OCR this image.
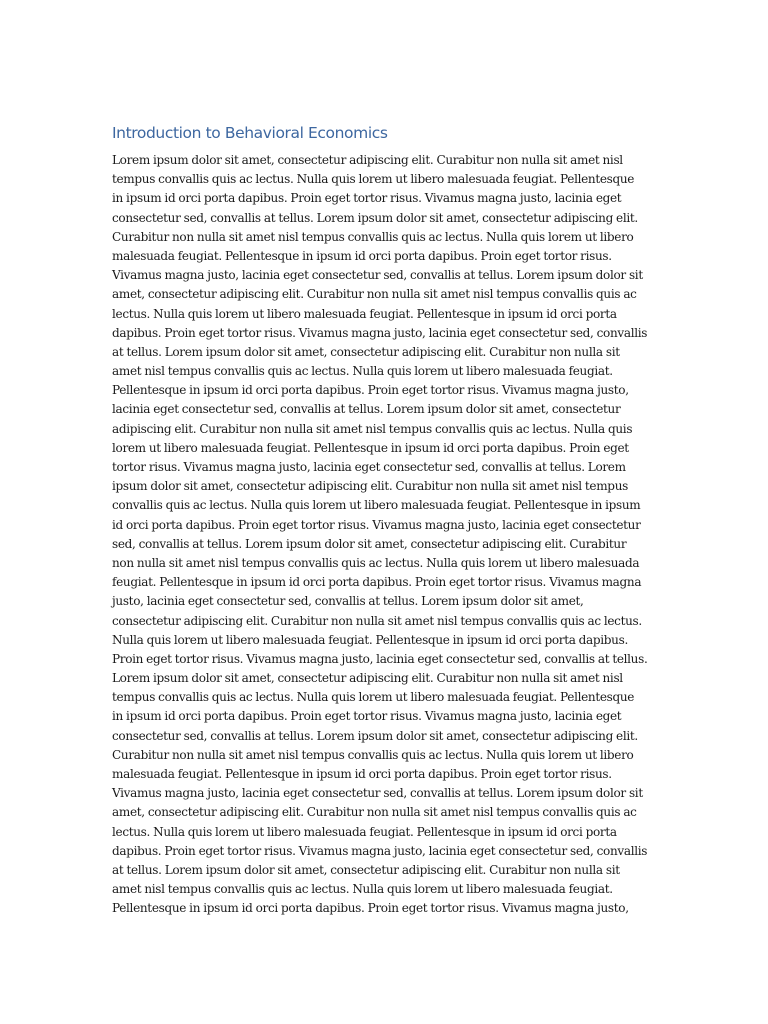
Introduction to Behavioral Economics
Lorem ipsum dolor sit amet, consectetur adipiscing elit. Curabitur non nulla sit amet nisl
tempus convallis quis ac lectus. Nulla quis lorem ut libero malesuada feugiat. Pellentesque
in ipsum id orci porta dapibus. Proin eget tortor risus. Vivamus magna justo, lacinia eget
consectetur sed, convallis at tellus. Lorem ipsum dolor sit amet, consectetur adipiscing elit.
Curabitur non nulla sit amet nisl tempus convallis quis ac lectus. Nulla quis lorem ut libero
malesuada feugiat. Pellentesque in ipsum id orci porta dapibus. Proin eget tortor risus.
Vivamus magna justo, lacinia eget consectetur sed, convallis at tellus. Lorem ipsum dolor sit
amet, consectetur adipiscing elit. Curabitur non nulla sit amet nisl tempus convallis quis ac
lectus. Nulla quis lorem ut libero malesuada feugiat. Pellentesque in ipsum id orci porta
dapibus. Proin eget tortor risus. Vivamus magna justo, lacinia eget consectetur sed, convallis
at tellus. Lorem ipsum dolor sit amet, consectetur adipiscing elit. Curabitur non nulla sit
amet nisl tempus convallis quis ac lectus. Nulla quis lorem ut libero malesuada feugiat.
Pellentesque in ipsum id orci porta dapibus. Proin eget tortor risus. Vivamus magna justo,
lacinia eget consectetur sed, convallis at tellus. Lorem ipsum dolor sit amet, consectetur
adipiscing elit. Curabitur non nulla sit amet nisl tempus convallis quis ac lectus. Nulla quis
lorem ut libero malesuada feugiat. Pellentesque in ipsum id orci porta dapibus. Proin eget
tortor risus. Vivamus magna justo, lacinia eget consectetur sed, convallis at tellus. Lorem
ipsum dolor sit amet, consectetur adipiscing elit. Curabitur non nulla sit amet nisl tempus
convallis quis ac lectus. Nulla quis lorem ut libero malesuada feugiat. Pellentesque in ipsum
id orci porta dapibus. Proin eget tortor risus. Vivamus magna justo, lacinia eget consectetur
sed, convallis at tellus. Lorem ipsum dolor sit amet, consectetur adipiscing elit. Curabitur
non nulla sit amet nisl tempus convallis quis ac lectus. Nulla quis lorem ut libero malesuada
feugiat. Pellentesque in ipsum id orci porta dapibus. Proin eget tortor risus. Vivamus magna
justo, lacinia eget consectetur sed, convallis at tellus. Lorem ipsum dolor sit amet,
consectetur adipiscing elit. Curabitur non nulla sit amet nisl tempus convallis quis ac lectus.
Nulla quis lorem ut libero malesuada feugiat. Pellentesque in ipsum id orci porta dapibus.
Proin eget tortor risus. Vivamus magna justo, lacinia eget consectetur sed, convallis at tellus.
Lorem ipsum dolor sit amet, consectetur adipiscing elit. Curabitur non nulla sit amet nisl
tempus convallis quis ac lectus. Nulla quis lorem ut libero malesuada feugiat. Pellentesque
in ipsum id orci porta dapibus. Proin eget tortor risus. Vivamus magna justo, lacinia eget
consectetur sed, convallis at tellus. Lorem ipsum dolor sit amet, consectetur adipiscing elit.
Curabitur non nulla sit amet nisl tempus convallis quis ac lectus. Nulla quis lorem ut libero
malesuada feugiat. Pellentesque in ipsum id orci porta dapibus. Proin eget tortor risus.
Vivamus magna justo, lacinia eget consectetur sed, convallis at tellus. Lorem ipsum dolor sit
amet, consectetur adipiscing elit. Curabitur non nulla sit amet nisl tempus convallis quis ac
lectus. Nulla quis lorem ut libero malesuada feugiat. Pellentesque in ipsum id orci porta
dapibus. Proin eget tortor risus. Vivamus magna justo, lacinia eget consectetur sed, convallis
at tellus. Lorem ipsum dolor sit amet, consectetur adipiscing elit. Curabitur non nulla sit
amet nisl tempus convallis quis ac lectus. Nulla quis lorem ut libero malesuada feugiat.
Pellentesque in ipsum id orci porta dapibus. Proin eget tortor risus. Vivamus magna justo,
